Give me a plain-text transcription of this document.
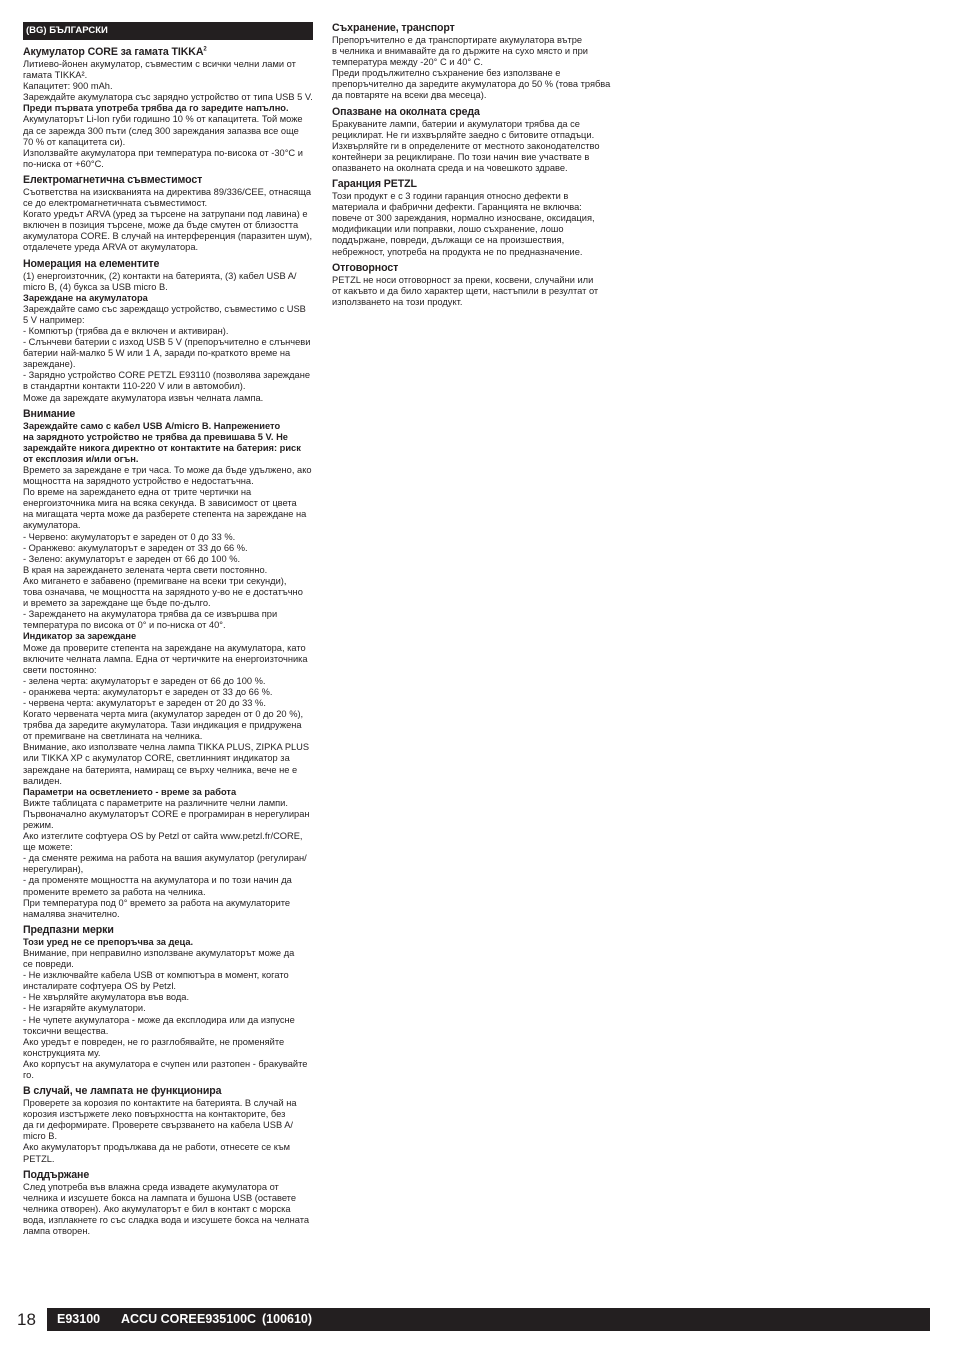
(BG) БЪЛГАРСКИ
Акумулатор CORE за гамата TIKKA$^2$
Литиево-йонен акумулатор, съвместим с всички челни лами от
гамата TIKKA².
Капацитет: 900 mAh.
Зареждайте акумулатора със зарядно устройство от типа USB 5 V.
Преди първата употреба трябва да го заредите напълно.
Акумулаторът Li-Ion губи годишно 10 % от капацитета. Той може
да се зарежда 300 пъти (след 300 зареждания запазва все още
70 % от капацитета си).
Използвайте акумулатора при температура по-висока от -30°C и
по-ниска от +60°C.
Електромагнетична съвместимост
Съответства на изискванията на директива 89/336/CEE, отнасяща
се до електромагнетичната съвместимост.
Когато уредът ARVA (уред за търсене на затрупани под лавина) е
включен в позиция търсене, може да бъде смутен от близостта
акумулатора CORE. В случай на интерференция (паразитен шум),
отдалечете уреда ARVA от акумулатора.
Номерация на елементите
(1) енергоизточник, (2) контакти на батерията, (3) кабел USB A/
micro B, (4) букса за USB micro B.
Зареждане на акумулатора
Зареждайте само със зареждащо устройство, съвместимо с USB
5 V например:
- Компютър (трябва да е включен и активиран).
- Слънчеви батерии с изход USB 5 V (препоръчително е слънчеви
батерии най-малко 5 W или 1 A, заради по-краткото време на
зареждане).
- Зарядно устройство CORE PETZL E93110 (позволява зареждане
в стандартни контакти 110-220 V или в автомобил).
Може да зареждате акумулатора извън челната лампа.
Внимание
Зареждайте само с кабел USB A/micro B. Напрежението
на зарядното устройство не трябва да превишава 5 V. Не
зареждайте никога директно от контактите на батерия: риск
от експлозия и/или огън.
Времето за зареждане е три часа. То може да бъде удължено, ако
мощността на зарядното устройство е недостатъчна.
По време на зареждането една от трите чертички на
енергоизточника мига на всяка секунда. В зависимост от цвета
на мигащата черта може да разберете степента на зареждане на
акумулатора.
- Червено: акумулаторът е зареден от 0 до 33 %.
- Оранжево: акумулаторът е зареден от 33 до 66 %.
- Зелено: акумулаторът е зареден от 66 до 100 %.
В края на зареждането зелената черта свети постоянно.
Ако миганетo е забавено (премигване на всеки три секунди),
това означава, че мощността на зарядното у-во не е достатъчно
и времето за зареждане ще бъде по-дълго.
- Зареждането на акумулатора трябва да се извършва при
температура по висока от 0° и по-ниска от 40°.
Индикатор за зареждане
Може да проверите степента на зареждане на акумулатора, като
включите челната лампа. Една от чертичките на енергоизточника
свети постоянно:
- зелена черта: акумулаторът е зареден от 66 до 100 %.
- оранжева черта: акумулаторът е зареден от 33 до 66 %.
- червена черта: акумулаторът е зареден от 20 до 33 %.
Когато червената черта мига (акумулатор зареден от 0 до 20 %),
трябва да заредите акумулатора. Тази индикация е придружена
от премигване на светлината на челника.
Внимание, ако използвате челна лампа TIKKA PLUS, ZIPKA PLUS
или TIKKA XP с акумулатор CORE, светлинният индикатор за
зареждане на батерията, намиращ се върху челника, вече не е
валиден.
Параметри на осветлението - време за работа
Вижте таблицата с параметрите на различните челни лампи.
Първоначално акумулаторът CORE е програмиран в нерегулиран
режим.
Ако изтеглите софтуера OS by Petzl от сайта www.petzl.fr/CORE,
ще можете:
- да сменяте режима на работа на вашия акумулатор (регулиран/
нерегулиран),
- да променяте мощността на акумулатора и по този начин да
промените времето за работа на челника.
При температура под 0° времето за работа на акумулаторите
намалява значително.
Предпазни мерки
Този уред не се препоръчва за деца.
Внимание, при неправилно използване акумулаторът може да
се повреди.
- Не изключвайте кабела USB от компютъра в момент, когато
инсталирате софтуера OS by Petzl.
- Не хвърляйте акумулатора във вода.
- Не изгаряйте акумулатори.
- Не чупете акумулатора - може да експлодира или да изпусне
токсични вещества.
Ако уредът е повреден, не го разглобявайте, не променяйте
конструкцията му.
Ако корпусът на акумулатора е счупен или разтопен - бракувайте
го.
В случай, че лампата не функционира
Проверете за корозия по контактите на батерията. В случай на
корозия изстържете леко повърхността на контакторите, без
да ги деформирате. Проверете свързването на кабела USB A/
micro B.
Ако акумулаторът продължава да не работи, отнесете се към
PETZL.
Поддържане
След употреба във влажна среда извадете акумулатора от
челника и изсушете бокса на лампата и бушона USB (оставете
челника отворен). Ако акумулаторът е бил в контакт с морска
вода, изплакнете го със сладка вода и изсушете бокса на челната
лампа отворен.
Съхранение, транспорт
Препоръчително е да транспортирате акумулатора вътре
в челника и внимавайте да го държите на сухо място и при
температура между -20° C и 40° C.
Преди продължително съхранение без използване е
препоръчително да заредите акумулатора до 50 % (това трябва
да повтаряте на всеки два месеца).
Опазване на околната среда
Бракуваните лампи, батерии и акумулатори трябва да се
рециклират. Не ги изхвърляйте заедно с битовите отпадъци.
Изхвърляйте ги в определените от местното законодателство
контейнери за рециклиране. По този начин вие участвате в
опазването на околната среда и на човешкото здраве.
Гаранция PETZL
Този продукт е с 3 години гаранция относно дефекти в
материала и фабрични дефекти. Гаранцията не включва:
повече от 300 зареждания, нормално износване, оксидация,
модификации или поправки, лошо съхранение, лошо
поддържане, повреди, дължащи се на произшествия,
небрежност, употреба на продукта не по предназначение.
Отговорност
PETZL не носи отговорност за преки, косвени, случайни или
от какъвто и да било характер щети, настъпили в резултат от
използването на този продукт.
18	E93100 ACCU CORE E935100C (100610)
